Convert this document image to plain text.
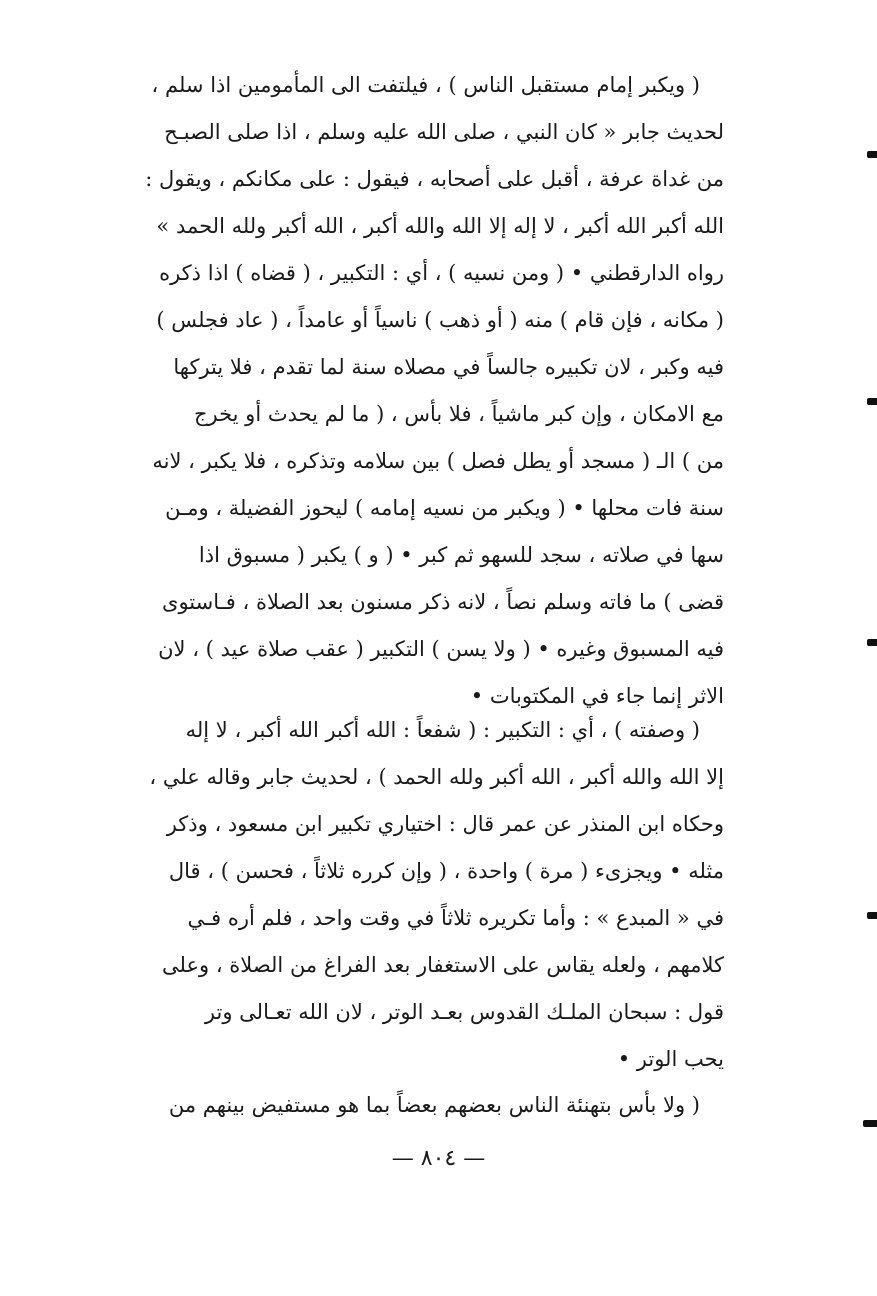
( ويكبر إمام مستقبل الناس ) ، فيلتفت الى المأمومين اذا سلم ،
لحديث جابر « كان النبي ، صلى الله عليه وسلم ، اذا صلى الصبـح
من غداة عرفة ، أقبل على أصحابه ، فيقول : على مكانكم ، ويقول :
الله أكبر الله أكبر ، لا إله إلا الله والله أكبر ، الله أكبر ولله الحمد »
رواه الدارقطني • ( ومن نسيه ) ، أي : التكبير ، ( قضاه ) اذا ذكره
( مكانه ، فإن قام ) منه ( أو ذهب ) ناسياً أو عامداً ، ( عاد فجلس )
فيه وكبر ، لان تكبيره جالساً في مصلاه سنة لما تقدم ، فلا يتركها
مع الامكان ، وإن كبر ماشياً ، فلا بأس ، ( ما لم يحدث أو يخرج
من ) الـ ( مسجد أو يطل فصل ) بين سلامه وتذكره ، فلا يكبر ، لانه
سنة فات محلها • ( ويكبر من نسيه إمامه ) ليحوز الفضيلة ، ومـن
سها في صلاته ، سجد للسهو ثم كبر • ( و ) يكبر ( مسبوق اذا
قضى ) ما فاته وسلم نصاً ، لانه ذكر مسنون بعد الصلاة ، فـاستوى
فيه المسبوق وغيره • ( ولا يسن ) التكبير ( عقب صلاة عيد ) ، لان
الاثر إنما جاء في المكتوبات •
( وصفته ) ، أي : التكبير : ( شفعاً : الله أكبر الله أكبر ، لا إله
إلا الله والله أكبر ، الله أكبر ولله الحمد ) ، لحديث جابر وقاله علي ،
وحكاه ابن المنذر عن عمر قال : اختياري تكبير ابن مسعود ، وذكر
مثله • ويجزىء ( مرة ) واحدة ، ( وإن كرره ثلاثاً ، فحسن ) ، قال
في « المبدع » : وأما تكريره ثلاثاً في وقت واحد ، فلم أره فـي
كلامهم ، ولعله يقاس على الاستغفار بعد الفراغ من الصلاة ، وعلى
قول : سبحان الملـك القدوس بعـد الوتر ، لان الله تعـالى وتر
يحب الوتر •
( ولا بأس بتهنئة الناس بعضهم بعضاً بما هو مستفيض بينهم من
— ٨٠٤ —
